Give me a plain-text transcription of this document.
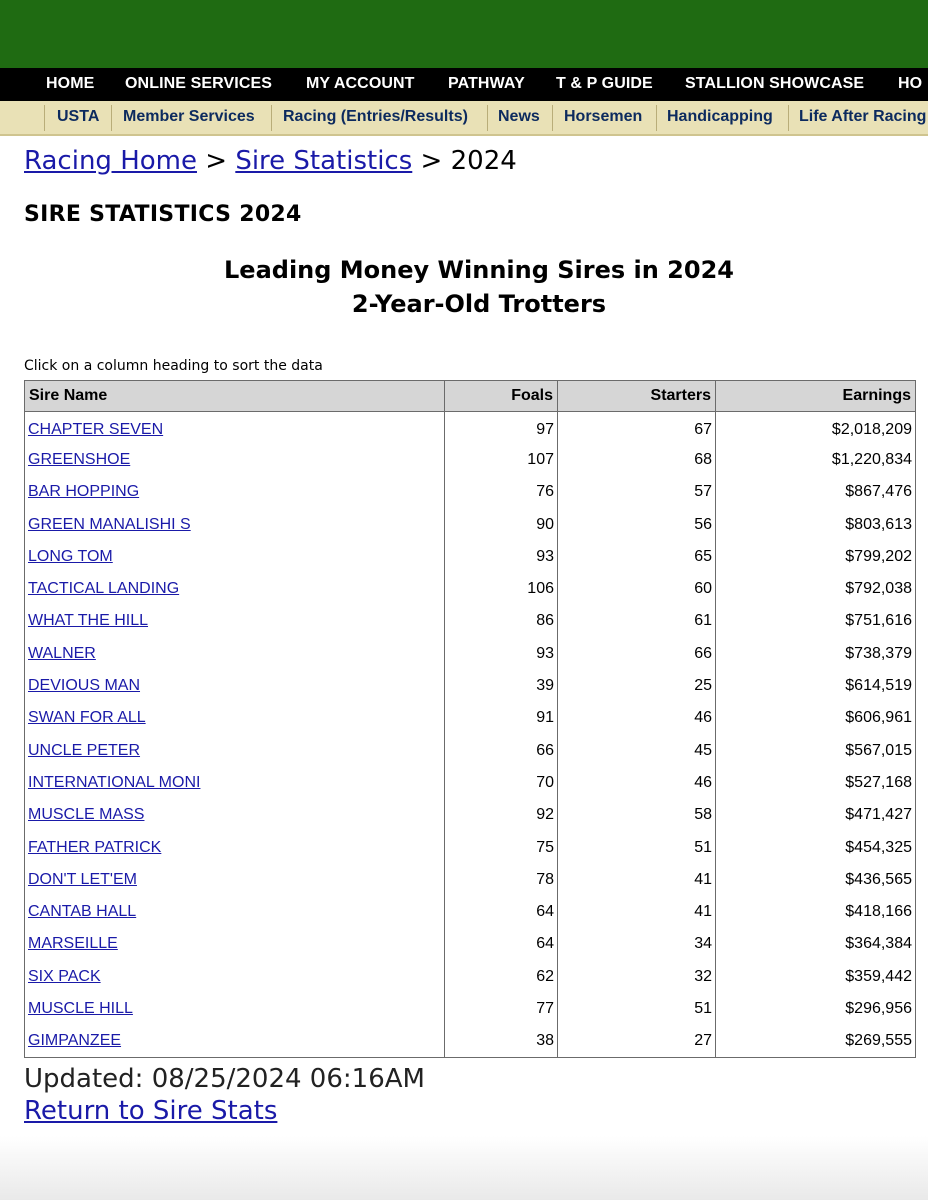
HOME ONLINE SERVICES MY ACCOUNT PATHWAY T & P GUIDE STALLION SHOWCASE HO
USTA Member Services Racing (Entries/Results) News Horsemen Handicapping Life After Racing
Racing Home > Sire Statistics > 2024
SIRE STATISTICS 2024
Leading Money Winning Sires in 2024
2-Year-Old Trotters
Click on a column heading to sort the data
Sire Name	Foals	Starters	Earnings
CHAPTER SEVEN	97	67	$2,018,209
GREENSHOE	107	68	$1,220,834
BAR HOPPING	76	57	$867,476
GREEN MANALISHI S	90	56	$803,613
LONG TOM	93	65	$799,202
TACTICAL LANDING	106	60	$792,038
WHAT THE HILL	86	61	$751,616
WALNER	93	66	$738,379
DEVIOUS MAN	39	25	$614,519
SWAN FOR ALL	91	46	$606,961
UNCLE PETER	66	45	$567,015
INTERNATIONAL MONI	70	46	$527,168
MUSCLE MASS	92	58	$471,427
FATHER PATRICK	75	51	$454,325
DON'T LET'EM	78	41	$436,565
CANTAB HALL	64	41	$418,166
MARSEILLE	64	34	$364,384
SIX PACK	62	32	$359,442
MUSCLE HILL	77	51	$296,956
GIMPANZEE	38	27	$269,555
Updated: 08/25/2024 06:16AM
Return to Sire Stats
